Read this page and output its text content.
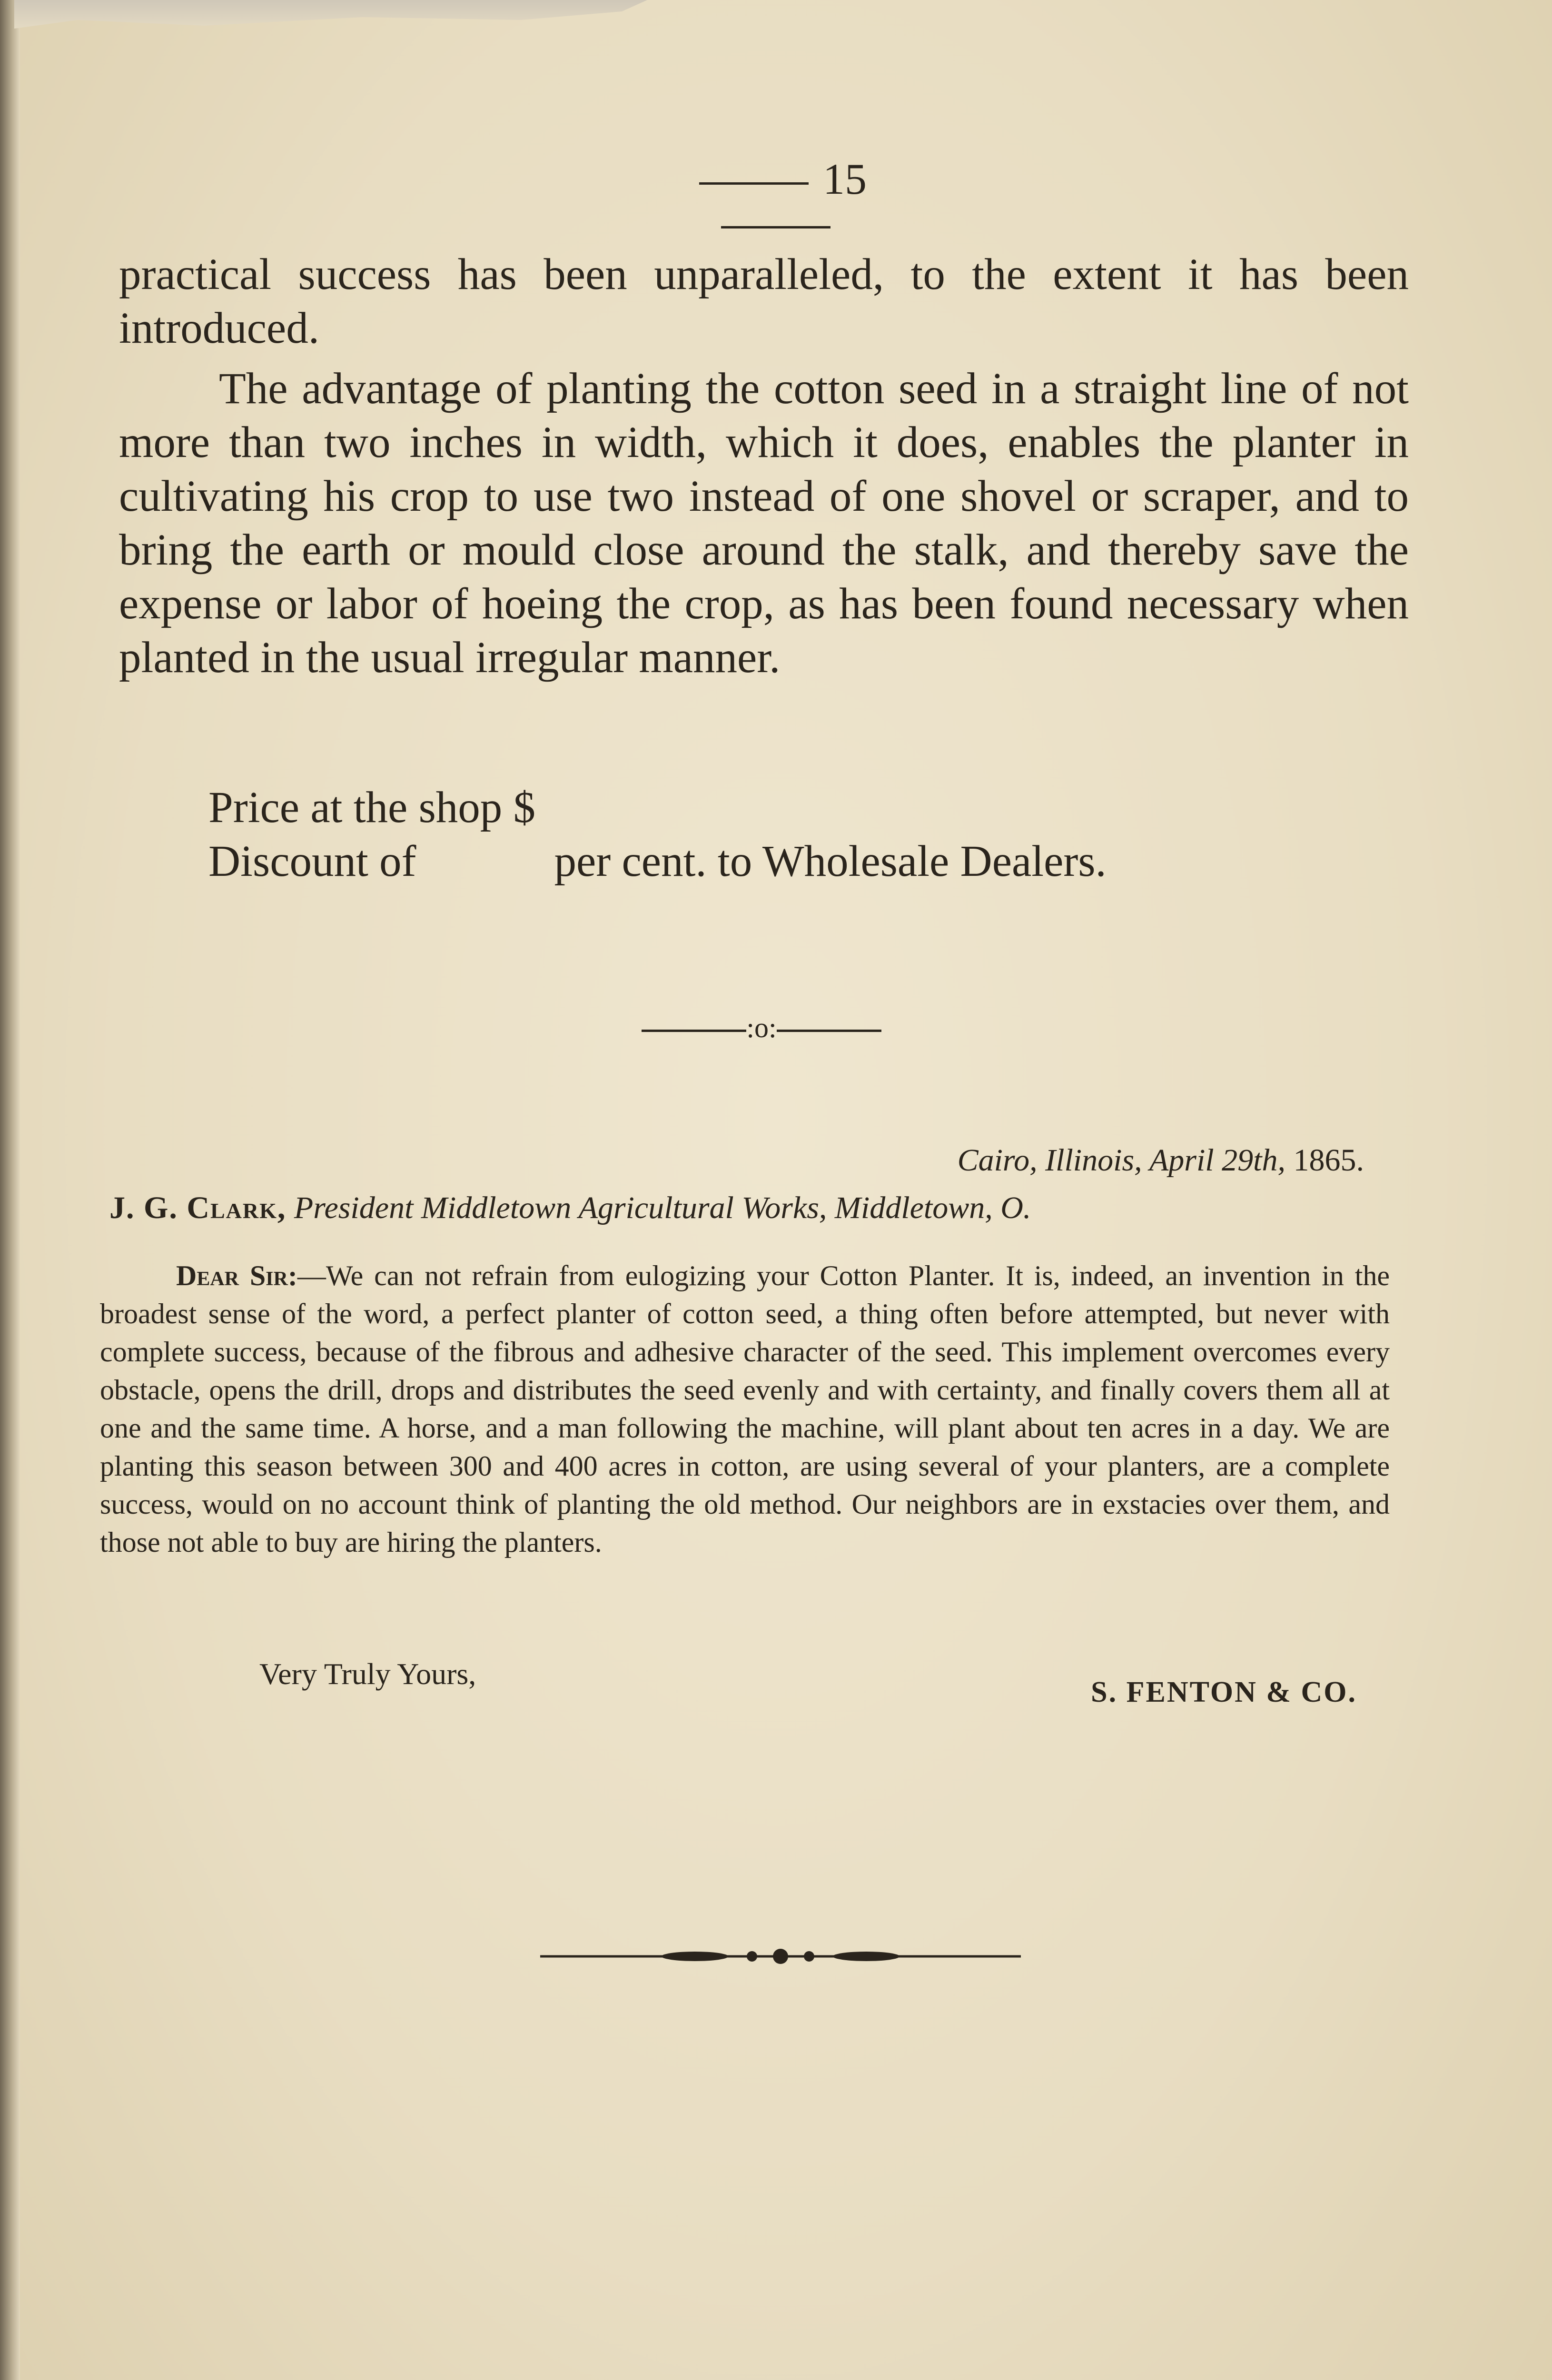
15

practical success has been unparalleled, to the extent it has been introduced.

The advantage of planting the cotton seed in a straight line of not more than two inches in width, which it does, enables the planter in cultivating his crop to use two instead of one shovel or scraper, and to bring the earth or mould close around the stalk, and thereby save the expense or labor of hoeing the crop, as has been found necessary when planted in the usual irregular manner.

Price at the shop $
Discount of	per cent. to Wholesale Dealers.
:o:
Cairo, Illinois, April 29th, 1865.
J. G. Clark, President Middletown Agricultural Works, Middletown, O.

Dear Sir:—We can not refrain from eulogizing your Cotton Planter. It is, indeed, an invention in the broadest sense of the word, a perfect planter of cotton seed, a thing often before attempted, but never with complete success, because of the fibrous and adhesive character of the seed. This implement overcomes every obstacle, opens the drill, drops and distributes the seed evenly and with certainty, and finally covers them all at one and the same time. A horse, and a man following the machine, will plant about ten acres in a day. We are planting this season between 300 and 400 acres in cotton, are using several of your planters, are a complete success, would on no account think of planting the old method. Our neighbors are in exstacies over them, and those not able to buy are hiring the planters.

Very Truly Yours,
S. FENTON & CO.
